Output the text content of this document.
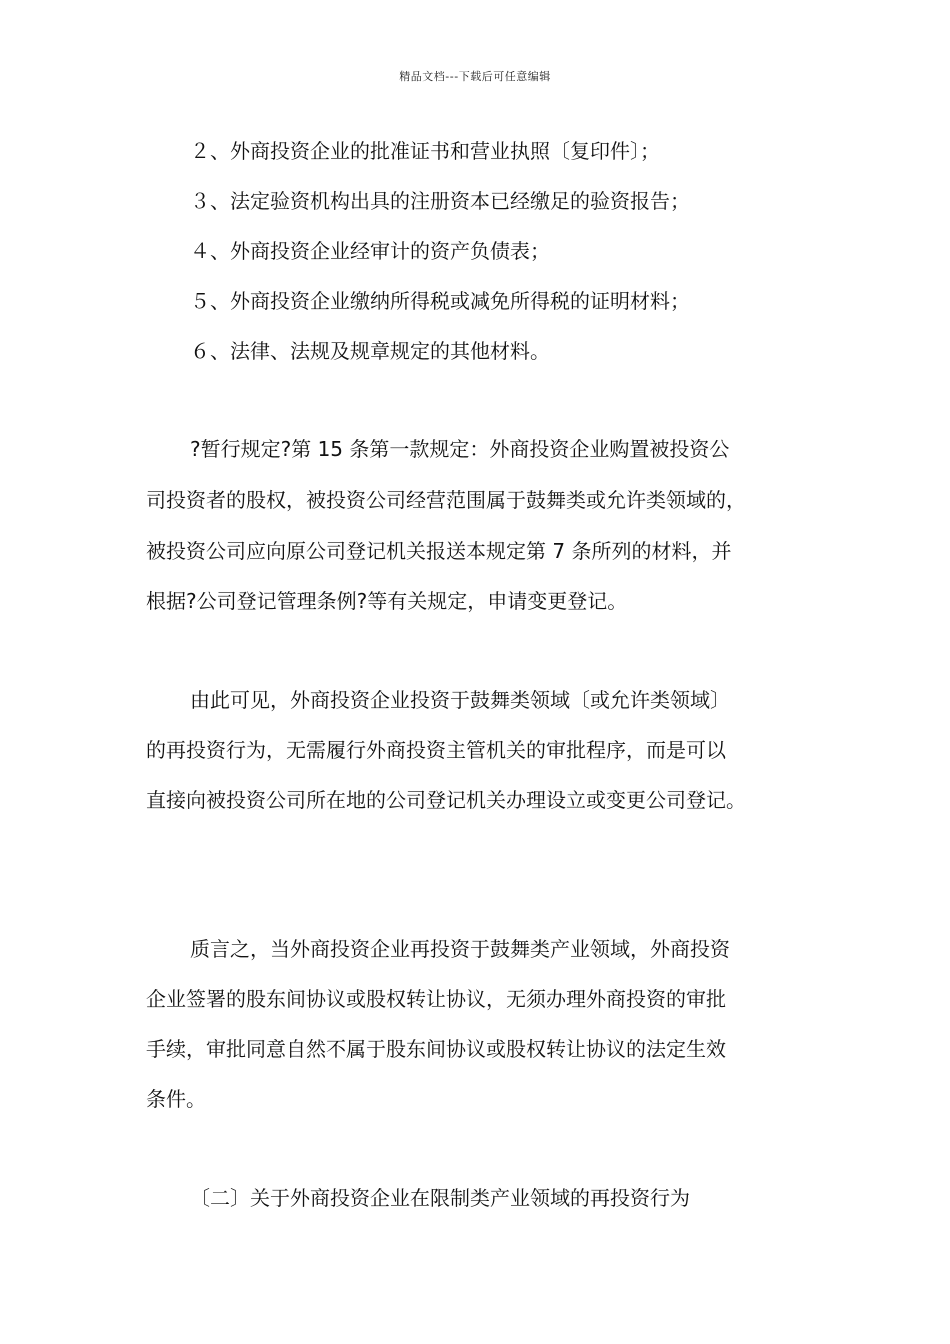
精品文档---下载后可任意编辑
２、外商投资企业的批准证书和营业执照〔复印件〕；
３、法定验资机构出具的注册资本已经缴足的验资报告；
４、外商投资企业经审计的资产负债表；
５、外商投资企业缴纳所得税或减免所得税的证明材料；
６、法律、法规及规章规定的其他材料。
?暂行规定?第 15 条第一款规定：外商投资企业购置被投资公
司投资者的股权，被投资公司经营范围属于鼓舞类或允许类领域的，
被投资公司应向原公司登记机关报送本规定第 7 条所列的材料，并
根据?公司登记管理条例?等有关规定，申请变更登记。
由此可见，外商投资企业投资于鼓舞类领域〔或允许类领域〕
的再投资行为，无需履行外商投资主管机关的审批程序，而是可以
直接向被投资公司所在地的公司登记机关办理设立或变更公司登记。
质言之，当外商投资企业再投资于鼓舞类产业领域，外商投资
企业签署的股东间协议或股权转让协议，无须办理外商投资的审批
手续，审批同意自然不属于股东间协议或股权转让协议的法定生效
条件。
〔二〕关于外商投资企业在限制类产业领域的再投资行为
